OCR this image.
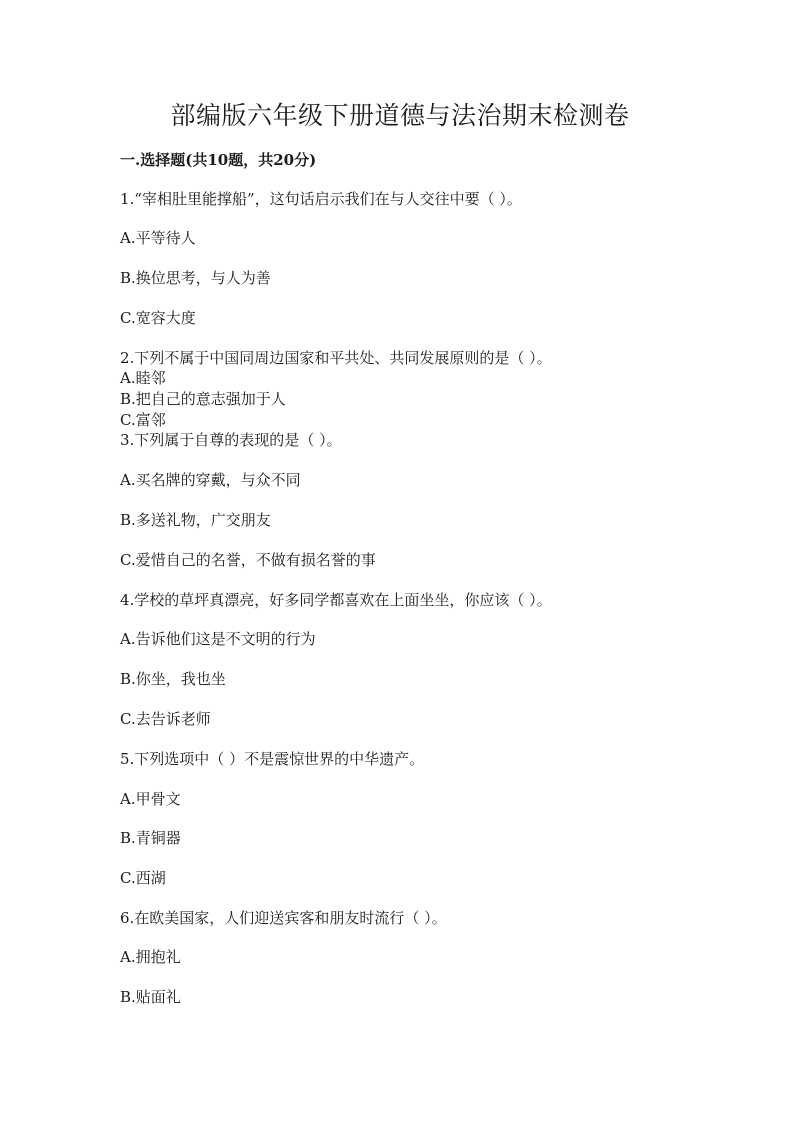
部编版六年级下册道德与法治期末检测卷
一.选择题(共10题，共20分)
1.“宰相肚里能撑船”，这句话启示我们在与人交往中要（ ）。
A.平等待人
B.换位思考，与人为善
C.宽容大度
2.下列不属于中国同周边国家和平共处、共同发展原则的是（ ）。
A.睦邻
B.把自己的意志强加于人
C.富邻
3.下列属于自尊的表现的是（ ）。
A.买名牌的穿戴，与众不同
B.多送礼物，广交朋友
C.爱惜自己的名誉，不做有损名誉的事
4.学校的草坪真漂亮，好多同学都喜欢在上面坐坐，你应该（ ）。
A.告诉他们这是不文明的行为
B.你坐，我也坐
C.去告诉老师
5.下列选项中（ ）不是震惊世界的中华遗产。
A.甲骨文
B.青铜器
C.西湖
6.在欧美国家，人们迎送宾客和朋友时流行（ ）。
A.拥抱礼
B.贴面礼
